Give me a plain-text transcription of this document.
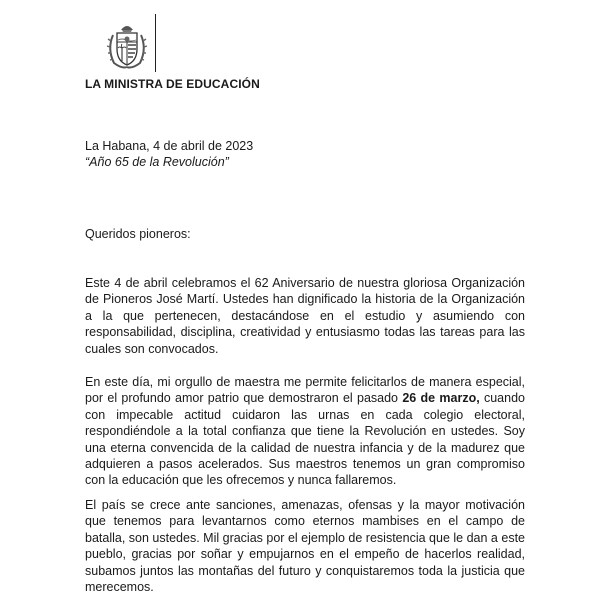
LA MINISTRA DE EDUCACIÓN
La Habana, 4 de abril de 2023
“Año 65 de la Revolución”
Queridos pioneros:
Este 4 de abril celebramos el 62 Aniversario de nuestra gloriosa Organización de Pioneros José Martí. Ustedes han dignificado la historia de la Organización a la que pertenecen, destacándose en el estudio y asumiendo con responsabilidad, disciplina, creatividad y entusiasmo todas las tareas para las cuales son convocados.
En este día, mi orgullo de maestra me permite felicitarlos de manera especial, por el profundo amor patrio que demostraron el pasado 26 de marzo, cuando con impecable actitud cuidaron las urnas en cada colegio electoral, respondiéndole a la total confianza que tiene la Revolución en ustedes. Soy una eterna convencida de la calidad de nuestra infancia y de la madurez que adquieren a pasos acelerados. Sus maestros tenemos un gran compromiso con la educación que les ofrecemos y nunca fallaremos.
El país se crece ante sanciones, amenazas, ofensas y la mayor motivación que tenemos para levantarnos como eternos mambises en el campo de batalla, son ustedes. Mil gracias por el ejemplo de resistencia que le dan a este pueblo, gracias por soñar y empujarnos en el empeño de hacerlos realidad, subamos juntos las montañas del futuro y conquistaremos toda la justicia que merecemos.
